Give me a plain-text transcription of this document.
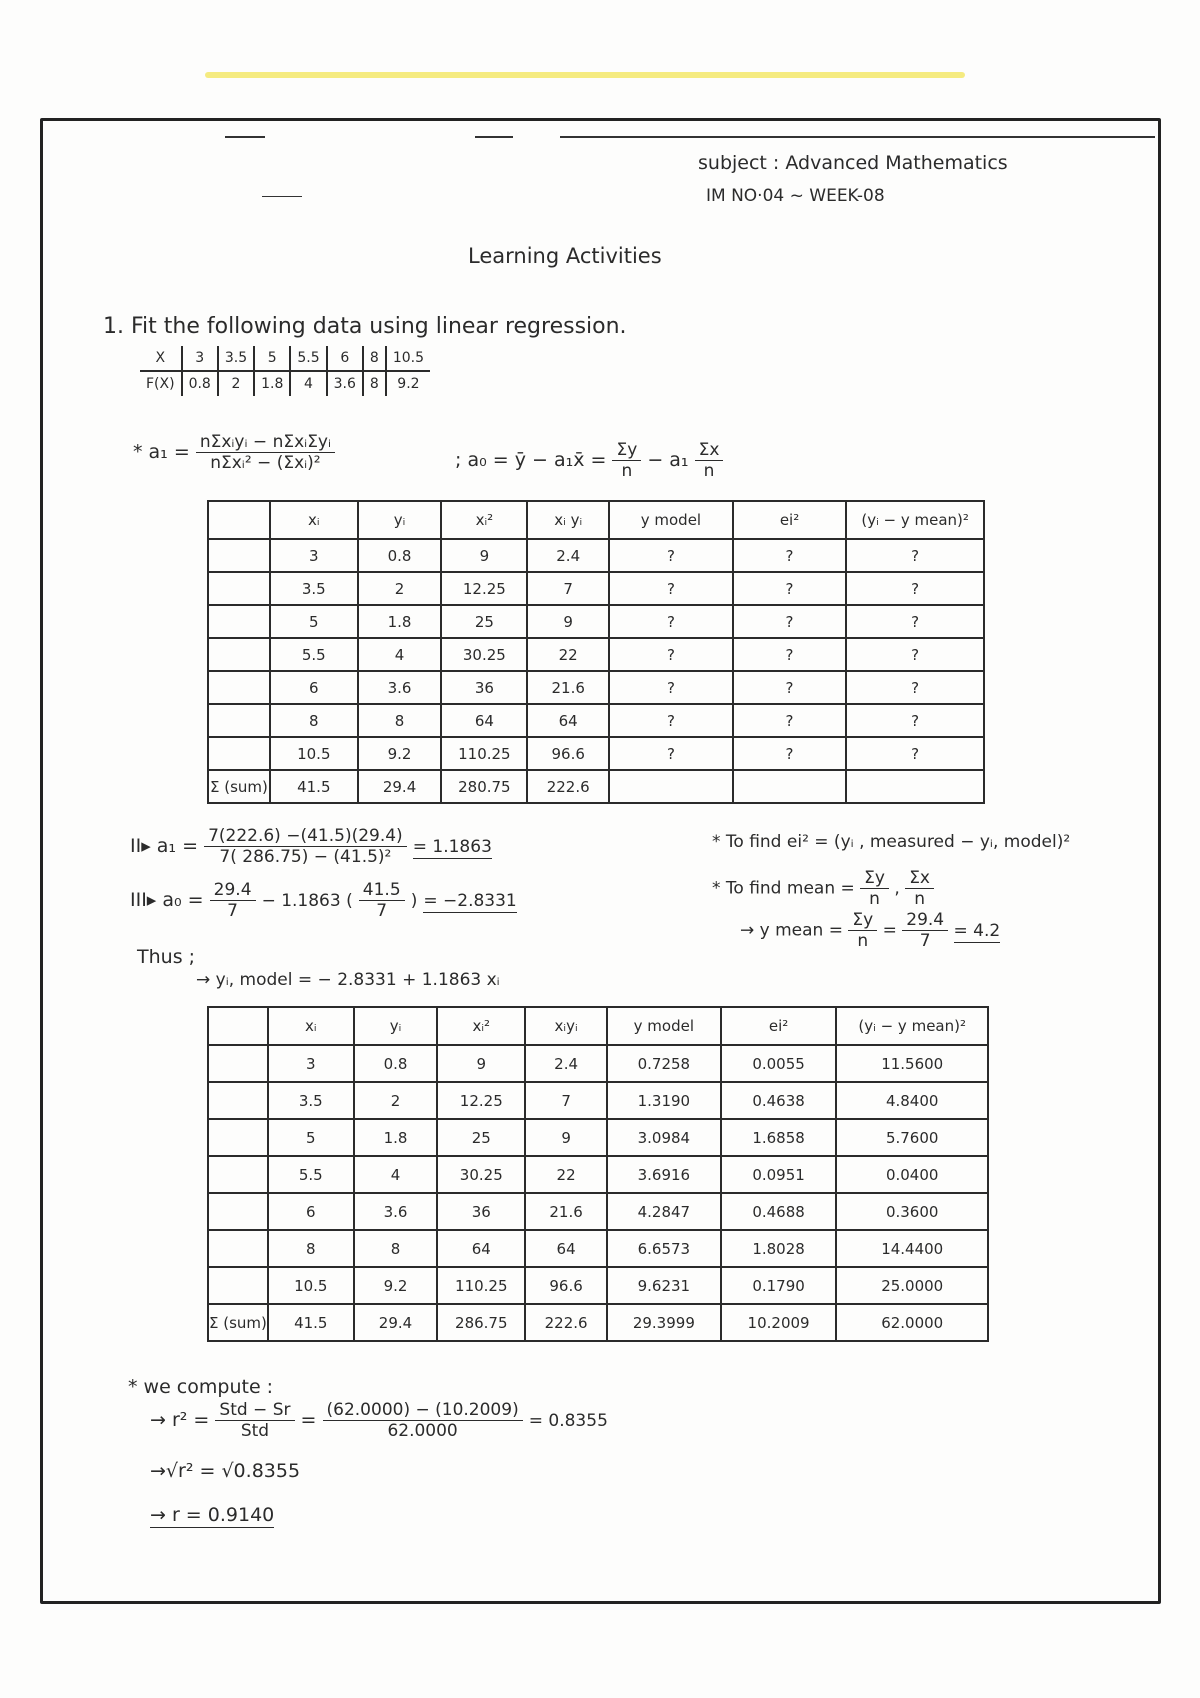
subject : Advanced Mathematics
IM NO·04 ~ WEEK-08
Learning Activities
1. Fit the following data using linear regression.
X	3	3.5	5	5.5	6	8	10.5
F(X)	0.8	2	1.8	4	3.6	8	9.2
* $a_1 = \frac{\text{nΣxᵢyᵢ − nΣxᵢΣyᵢ}}{\text{nΣxᵢ² − (Σxᵢ)²}}$	; a₀ = ȳ − a₁x̄ = $\frac{\Sigma y}{n} - a_1 \frac{\Sigma x}{n}$
	xᵢ	yᵢ	xᵢ²	xᵢ yᵢ	y model	ei²	(yᵢ − y mean)²
	3	0.8	9	2.4	?	?	?
	3.5	2	12.25	7	?	?	?
	5	1.8	25	9	?	?	?
	5.5	4	30.25	22	?	?	?
	6	3.6	36	21.6	?	?	?
	8	8	64	64	?	?	?
	10.5	9.2	110.25	96.6	?	?	?
Σ (sum)	41.5	29.4	280.75	222.6			
II▸ $a_1 = \frac{7(222.6) -(41.5)(29.4)}{\text{7( 286.75) − (41.5)²}} = 1.1863$
III▸ $a_0 = \frac{29.4}{7} - 1.1863$ ( $\frac{41.5}{7}$ ) = −2.8331
* To find ei² = (yᵢ , measured − yᵢ, model)²
* To find mean = $\frac{\Sigma y}{n}$ , $\frac{\Sigma x}{n}$
→ y mean = $\frac{\Sigma y}{n} = \frac{29.4}{7} = 4.2$
Thus ;
→ yᵢ, model = − 2.8331 + 1.1863 xᵢ
	xᵢ	yᵢ	xᵢ²	xᵢyᵢ	y model	ei²	(yᵢ − y mean)²
	3	0.8	9	2.4	0.7258	0.0055	11.5600
	3.5	2	12.25	7	1.3190	0.4638	4.8400
	5	1.8	25	9	3.0984	1.6858	5.7600
	5.5	4	30.25	22	3.6916	0.0951	0.0400
	6	3.6	36	21.6	4.2847	0.4688	0.3600
	8	8	64	64	6.6573	1.8028	14.4400
	10.5	9.2	110.25	96.6	9.6231	0.1790	25.0000
Σ (sum)	41.5	29.4	286.75	222.6	29.3999	10.2009	62.0000
* we compute :
→ $r^2 = \frac{\text{Std − Sr}}{\text{Std}} = \frac{(62.0000) - (10.2009)}{62.0000} = 0.8355$
→√r² = √0.8355
→ r = 0.9140
